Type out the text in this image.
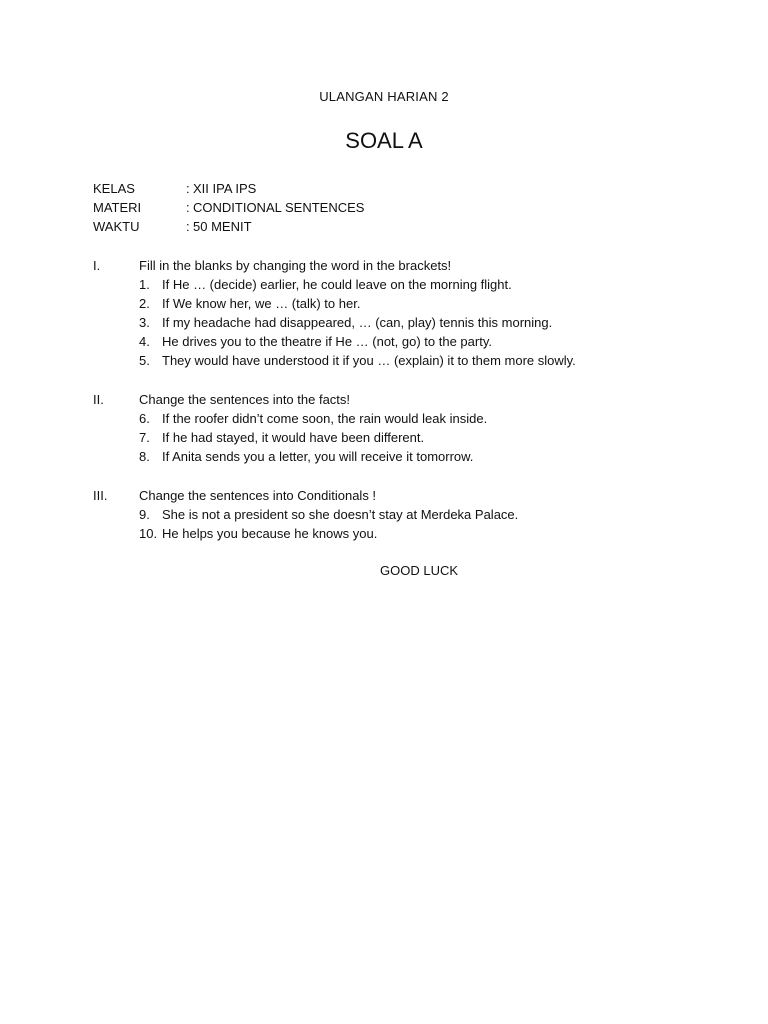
ULANGAN HARIAN 2
SOAL A
KELAS	: XII IPA IPS
MATERI	: CONDITIONAL SENTENCES
WAKTU	: 50 MENIT
I.	Fill in the blanks by changing the word in the brackets!
1. If He … (decide) earlier, he could leave on the morning flight.
2. If We know her, we … (talk) to her.
3. If my headache had disappeared, … (can, play) tennis this morning.
4. He drives you to the theatre if He … (not, go) to the party.
5. They would have understood it if you … (explain) it to them more slowly.
II.	Change the sentences into the facts!
6. If the roofer didn’t come soon, the rain would leak inside.
7. If he had stayed, it would have been different.
8. If Anita sends you a letter, you will receive it tomorrow.
III.	Change the sentences into Conditionals !
9. She is not a president so she doesn’t stay at Merdeka Palace.
10. He helps you because he knows you.
GOOD LUCK
